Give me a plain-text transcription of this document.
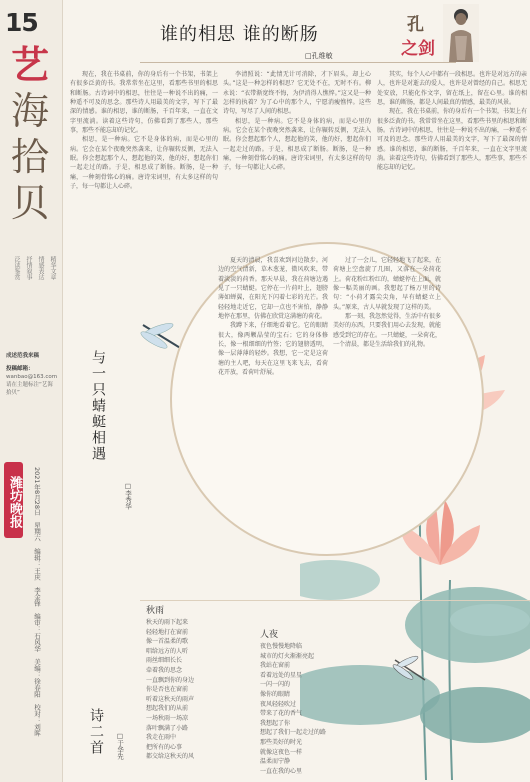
15
艺
海
拾
贝
泛读鉴赏 抒情叙事 情感表达 精华文章
成述范我来稿
投稿邮箱：
wanbao@163.com
请在主题标注“艺海拾贝”
潍坊晚报	2021年8月28日　星期六　编辑：王庆　李金锋　编审：石风华　美编：徐春阳　校对：刘晖
谁的相思 谁的断肠
□孔维敏
孔
之剑

现在，我在书桌前，你的身后有一个书架，书架上有很多泛黄的书。我常常坐在这里，看那些书里的相思和断肠。古诗词中的相思，往往是一种说不出的痛，一种遥不可及的思念。那些诗人用最美的文字，写下了最深的情感。谁的相思，谁的断肠，千百年来，一直在文字里流淌。读着这些诗句，仿佛看到了那些人，那些事，那些不能忘却的记忆。

相思，是一种病。它不是身体的病，而是心里的病。它会在某个夜晚突然袭来，让你辗转反侧，无法入眠。你会想起那个人，想起他的笑，他的好，想起你们一起走过的路。于是，相思成了断肠。断肠，是一种痛，一种刻骨铭心的痛。唐诗宋词里，有太多这样的句子，每一句都让人心碎。

李清照说：“此情无计可消除，才下眉头，却上心头。”这是一种怎样的相思？它无处不在，无时不有。柳永说：“衣带渐宽终不悔，为伊消得人憔悴。”这又是一种怎样的执着？为了心中的那个人，宁愿消瘦憔悴。这些诗句，写尽了人间的相思。

相思，是一种病。它不是身体的病，而是心里的病。它会在某个夜晚突然袭来，让你辗转反侧，无法入眠。你会想起那个人，想起他的笑，他的好，想起你们一起走过的路。于是，相思成了断肠。断肠，是一种痛，一种刻骨铭心的痛。唐诗宋词里，有太多这样的句子，每一句都让人心碎。

其实，每个人心中都有一段相思。也许是对远方的亲人，也许是对逝去的爱人，也许是对曾经的自己。相思无处安放，只能化作文字，留在纸上，留在心里。谁的相思，谁的断肠，都是人间最真的情感，最美的风景。

现在，我在书桌前，你的身后有一个书架，书架上有很多泛黄的书。我常常坐在这里，看那些书里的相思和断肠。古诗词中的相思，往往是一种说不出的痛，一种遥不可及的思念。那些诗人用最美的文字，写下了最深的情感。谁的相思，谁的断肠，千百年来，一直在文字里流淌。读着这些诗句，仿佛看到了那些人，那些事，那些不能忘却的记忆。

与一只蜻蜓相遇
□李秀华

夏天的清晨，我喜欢到河边散步。河边的空气清新，草木葱茏，微风吹来，带着淡淡的荷香。那天早晨，我在荷塘边遇见了一只蜻蜓。它停在一片荷叶上，翅膀薄如蝉翼，在阳光下闪着七彩的光芒。我轻轻地走近它，它却一点也不害怕，静静地停在那里，仿佛在欣赏这满塘的荷花。

我蹲下来，仔细地看着它。它的眼睛很大，像两颗晶莹的宝石；它的身体修长，像一根细细的竹签；它的翅膀透明，像一层薄薄的轻纱。我想，它一定是这荷塘的主人吧，每天在这里飞来飞去，看荷花开放，看荷叶舒展。

过了一会儿，它轻轻地飞了起来，在荷塘上空盘旋了几圈，又落在一朵荷花上。荷花粉红粉红的，蜻蜓停在上面，就像一幅美丽的画。我想起了杨万里的诗句：“小荷才露尖尖角，早有蜻蜓立上头。”原来，古人早就发现了这样的美。

那一刻，我忽然觉得，生活中有很多美好的东西，只要我们用心去发现，就能感受到它的存在。一只蜻蜓，一朵荷花，一个清晨，都是生活给我们的礼物。

秋雨
秋天的雨下起来
轻轻地打在窗前
像一首温柔的歌
唱给远方的人听
雨丝细细长长
牵着我的思念
一直飘到你的身边
你是否也在窗前
听着这秋天的雨声
想起我们的从前
一场秋雨一场凉
落叶飘满了小路
我走在雨中
把所有的心事
都交给这秋天的风
人夜
夜色慢慢地降临
城市的灯火渐渐亮起
我站在窗前
看着远处的星星
一闪一闪的
像你的眼睛
夜风轻轻吹过
带来了花的香气
我想起了你
想起了我们一起走过的路
那些美好的时光
就像这夜色一样
温柔而宁静
一直在我的心里
诗二首	□于华先
